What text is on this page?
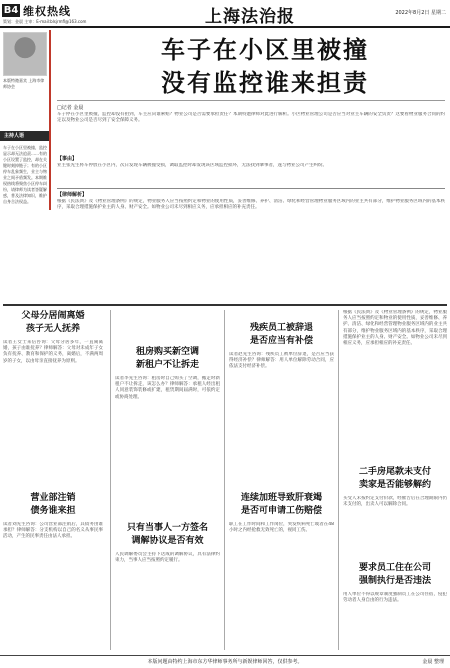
B4 维权热线
策划：金晨 主审：E-mail:blsjrmfl@163.com	上海法治报	2022年8月2日 星期二
本版特邀嘉宾 上海市律师协会
主持人语
车子在小区里被撞，监控显示却无法追责……有的小区设置了监控，却在关键时刻掉链子；有的小区停车乱象频生，业主与物业之间矛盾频发。本期维权热线将聚焦小区停车纠纷，请律师为读者答疑解惑，普及法律知识，维护自身合法权益。
车子在小区里被撞
没有监控谁来担责
□记者 金晨
车子停在小区里被撞，监控却没有拍到，车主应向谁索赔？物业公司是否需要承担责任？本期特邀律师对此进行解析。小区物业管理公司是否应当对业主车辆的安全负责？这要看物业服务合同的约定以及物业公司是否尽到了安全保障义务。
【事由】
业主张先生将车停放在小区内，次日发现车辆被撞受损，调取监控时却发现该区域监控损坏，无法找到肇事者，遂与物业公司产生纠纷。
【律师解析】
根据《民法典》及《物业管理条例》的规定，物业服务人应当按照约定和物业的使用性质，妥善维修、养护、清洁、绿化和经营管理物业服务区域内的业主共有部分，维护物业服务区域内的基本秩序，采取合理措施保护业主的人身、财产安全。如物业公司未尽到相应义务，应承担相应的补充责任。
父母分居闹离婚
孩子无人抚养
读者王女士来信咨询：父母分居多年，一直闹离婚，孩子由谁抚养？律师解答：父母对未成年子女负有抚养、教育和保护的义务，离婚后，不满两周岁的子女，以由母亲直接抚养为原则。
营业部注销
债务谁来担
读者刘先生咨询：公司营业部注销后，其债务由谁承担？律师解答：分支机构以自己的名义从事民事活动，产生的民事责任由法人承担。
租房购买新空调
新租户不让拆走
读者李先生咨询：租房时自己购买了空调，搬走时新租户不让拆走，该怎么办？律师解答：承租人经出租人同意装饰装修或扩建，租赁期间届满时，可依约定或协商处理。
只有当事人一方签名
调解协议是否有效
人民调解委员会主持下达成的调解协议，具有法律约束力，当事人应当按照约定履行。
残疾员工被辞退
是否应当有补偿
读者赵先生咨询：残疾员工被单位辞退，是否应当获得经济补偿？律师解答：用人单位解除劳动合同，应依法支付经济补偿。
连续加班导致肝衰竭
是否可申请工伤赔偿
职工在工作时间和工作岗位，突发疾病死亡或者在48小时之内经抢救无效死亡的，视同工伤。
二手房尾款未支付
卖家是否能够解约
根据《民法典》及《物业管理条例》的规定，物业服务人应当按照约定和物业的使用性质，妥善维修、养护、清洁、绿化和经营管理物业服务区域内的业主共有部分，维护物业服务区域内的基本秩序，采取合理措施保护业主的人身、财产安全。如物业公司未尽到相应义务，应承担相应的补充责任。
买受人未按约定支付价款，经催告后在合理期限内仍未支付的，出卖人可以解除合同。
要求员工住在公司
强制执行是否违法
用人单位不得以规章制度强制员工在公司住宿，侵犯劳动者人身自由的行为违法。
本版问题由特约上海市东方华律师事务所与新娱律师回答，仅供参考。	金晨 整理
